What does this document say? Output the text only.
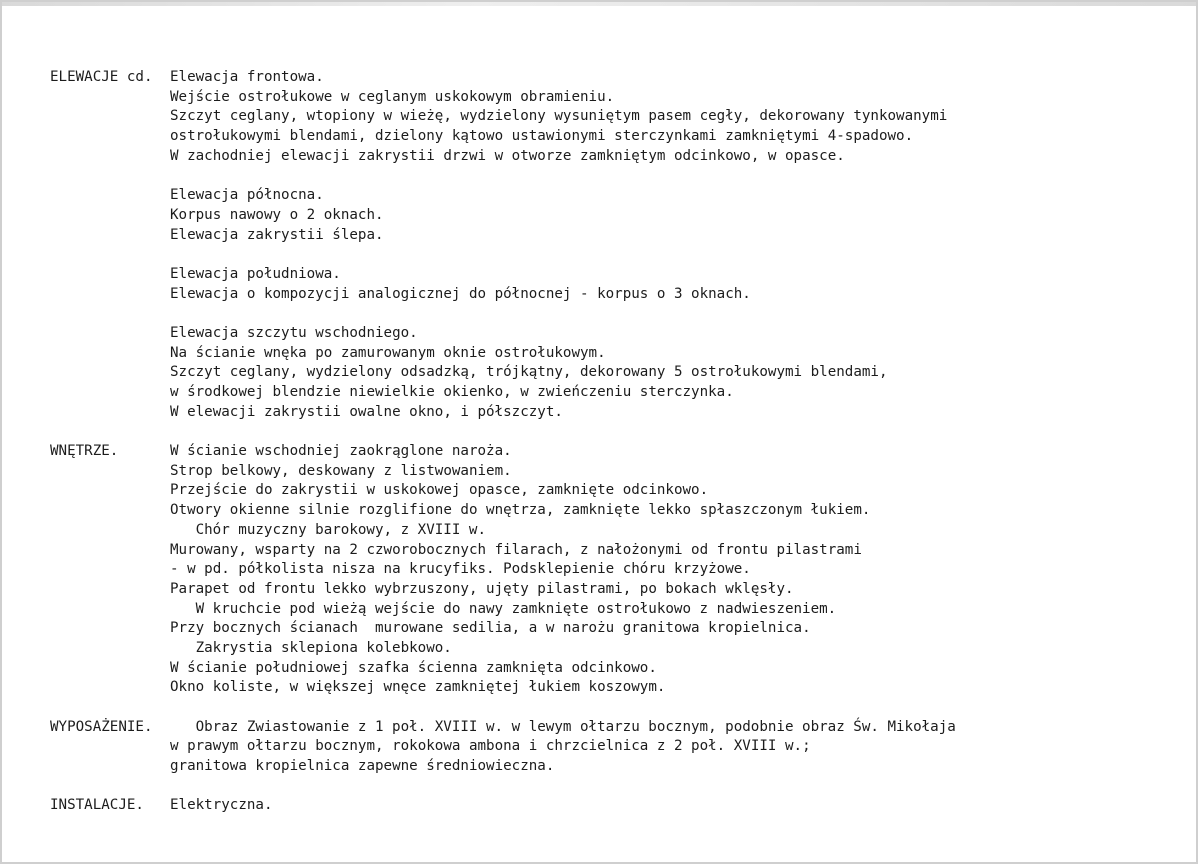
ELEWACJE cd. Elewacja frontowa.
Wejście ostrołukowe w ceglanym uskokowym obramieniu.
Szczyt ceglany, wtopiony w wieżę, wydzielony wysuniętym pasem cegły, dekorowany tynkowanymi
ostrołukowymi blendami, dzielony kątowo ustawionymi sterczynkami zamkniętymi 4-spadowo.
W zachodniej elewacji zakrystii drzwi w otworze zamkniętym odcinkowo, w opasce.
Elewacja północna.
Korpus nawowy o 2 oknach.
Elewacja zakrystii ślepa.
Elewacja południowa.
Elewacja o kompozycji analogicznej do północnej - korpus o 3 oknach.
Elewacja szczytu wschodniego.
Na ścianie wnęka po zamurowanym oknie ostrołukowym.
Szczyt ceglany, wydzielony odsadzką, trójkątny, dekorowany 5 ostrołukowymi blendami,
w środkowej blendzie niewielkie okienko, w zwieńczeniu sterczynka.
W elewacji zakrystii owalne okno, i półszczyt.
WNĘTRZE.	W ścianie wschodniej zaokrąglone naroża.
Strop belkowy, deskowany z listwowaniem.
Przejście do zakrystii w uskokowej opasce, zamknięte odcinkowo.
Otwory okienne silnie rozglifione do wnętrza, zamknięte lekko spłaszczonym łukiem.
Chór muzyczny barokowy, z XVIII w.
Murowany, wsparty na 2 czworobocznych filarach, z nałożonymi od frontu pilastrami
- w pd. półkolista nisza na krucyfiks. Podsklepienie chóru krzyżowe.
Parapet od frontu lekko wybrzuszony, ujęty pilastrami, po bokach wklęsły.
W kruchcie pod wieżą wejście do nawy zamknięte ostrołukowo z nadwieszeniem.
Przy bocznych ścianach  murowane sedilia, a w narożu granitowa kropielnica.
Zakrystia sklepiona kolebkowo.
W ścianie południowej szafka ścienna zamknięta odcinkowo.
Okno koliste, w większej wnęce zamkniętej łukiem koszowym.
WYPOSAŻENIE.	Obraz Zwiastowanie z 1 poł. XVIII w. w lewym ołtarzu bocznym, podobnie obraz Św. Mikołaja
w prawym ołtarzu bocznym, rokokowa ambona i chrzcielnica z 2 poł. XVIII w.;
granitowa kropielnica zapewne średniowieczna.
INSTALACJE. Elektryczna.
